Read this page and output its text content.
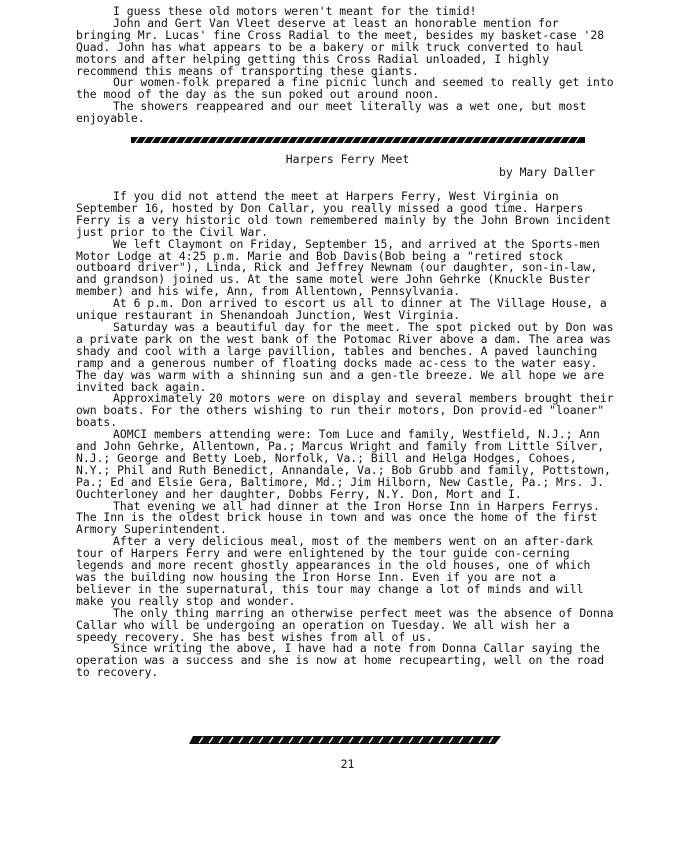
I guess these old motors weren't meant for the timid!

John and Gert Van Vleet deserve at least an honorable mention for bringing Mr. Lucas' fine Cross Radial to the meet, besides my basket-case '28 Quad. John has what appears to be a bakery or milk truck converted to haul motors and after helping getting this Cross Radial unloaded, I highly recommend this means of transporting these giants.

Our women-folk prepared a fine picnic lunch and seemed to really get into the mood of the day as the sun poked out around noon.

The showers reappeared and our meet literally was a wet one, but most enjoyable.

Harpers Ferry Meet
by Mary Daller

If you did not attend the meet at Harpers Ferry, West Virginia on September 16, hosted by Don Callar, you really missed a good time. Harpers Ferry is a very historic old town remembered mainly by the John Brown incident just prior to the Civil War.

We left Claymont on Friday, September 15, and arrived at the Sports-men Motor Lodge at 4:25 p.m. Marie and Bob Davis(Bob being a "retired stock outboard driver"), Linda, Rick and Jeffrey Newnam (our daughter, son-in-law, and grandson) joined us. At the same motel were John Gehrke (Knuckle Buster member) and his wife, Ann, from Allentown, Pennsylvania.

At 6 p.m. Don arrived to escort us all to dinner at The Village House, a unique restaurant in Shenandoah Junction, West Virginia.

Saturday was a beautiful day for the meet. The spot picked out by Don was a private park on the west bank of the Potomac River above a dam. The area was shady and cool with a large pavillion, tables and benches. A paved launching ramp and a generous number of floating docks made ac-cess to the water easy. The day was warm with a shinning sun and a gen-tle breeze. We all hope we are invited back again.

Approximately 20 motors were on display and several members brought their own boats. For the others wishing to run their motors, Don provid-ed "loaner" boats.

AOMCI members attending were: Tom Luce and family, Westfield, N.J.; Ann and John Gehrke, Allentown, Pa.; Marcus Wright and family from Little Silver, N.J.; George and Betty Loeb, Norfolk, Va.; Bill and Helga Hodges, Cohoes, N.Y.; Phil and Ruth Benedict, Annandale, Va.; Bob Grubb and family, Pottstown, Pa.; Ed and Elsie Gera, Baltimore, Md.; Jim Hilborn, New Castle, Pa.; Mrs. J. Ouchterloney and her daughter, Dobbs Ferry, N.Y. Don, Mort and I.

That evening we all had dinner at the Iron Horse Inn in Harpers Ferrys. The Inn is the oldest brick house in town and was once the home of the first Armory Superintendent.

After a very delicious meal, most of the members went on an after-dark tour of Harpers Ferry and were enlightened by the tour guide con-cerning legends and more recent ghostly appearances in the old houses, one of which was the building now housing the Iron Horse Inn. Even if you are not a believer in the supernatural, this tour may change a lot of minds and will make you really stop and wonder.

The only thing marring an otherwise perfect meet was the absence of Donna Callar who will be undergoing an operation on Tuesday. We all wish her a speedy recovery. She has best wishes from all of us.

Since writing the above, I have had a note from Donna Callar saying the operation was a success and she is now at home recupearting, well on the road to recovery.

21
